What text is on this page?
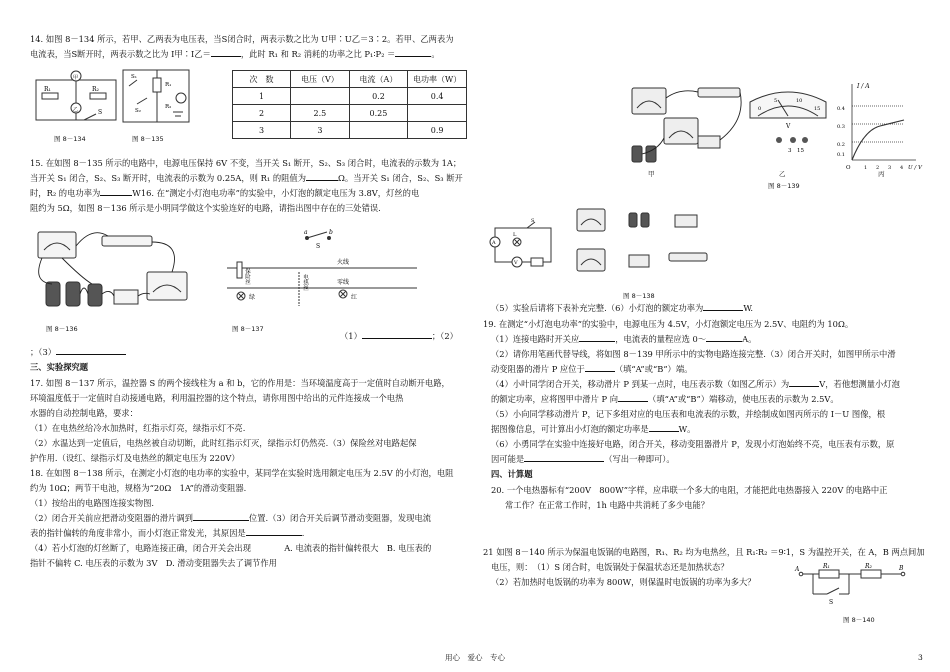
14. 如图 8－134 所示，若甲、乙两表为电压表，当S闭合时，两表示数之比为 U甲∶U乙＝3∶2。若甲、乙两表为
电流表，当S断开时，两表示数之比为 I甲∶I乙＝	，此时 R₁ 和 R₂ 消耗的功率之比 P₁∶P₂ ＝	。
甲
乙
R₁	R₂
S
图 8－134
S₁
R₁
S₂
R₂
图 8－135
次　数	电压（V）	电流（A）	电功率（W）
1		0.2	0.4
2	2.5	0.25	
3	3		0.9
15. 在如图 8－135 所示的电路中，电源电压保持 6V 不变，当开关 S₁ 断开，S₂、S₃ 闭合时，电流表的示数为 1A；
当开关 S₁ 闭合，S₂、S₃ 断开时，电流表的示数为 0.25A，则 R₁ 的阻值为	Ω。当开关 S₁ 闭合，S₂、S₃ 断开
时，R₂ 的电功率为	W16. 在“测定小灯泡电功率”的实验中，小灯泡的额定电压为 3.8V，灯丝的电
阻约为 5Ω，如图 8－136 所示是小明同学做这个实验连好的电路，请指出图中存在的三处错误.
图 8－136
a	b
S
火线
零线
保险丝
绿
电热丝
红
图 8－137
（1）	；（2）
；（3）
三、实验探究题
17. 如图 8－137 所示，温控器 S 的两个接线柱为 a 和 b，它的作用是：当环境温度高于一定值时自动断开电路，
环境温度低于一定值时自动接通电路，利用温控器的这个特点，请你用图中给出的元件连接成一个电热
水器的自动控制电路，要求：
（1）在电热丝给冷水加热时，红指示灯亮，绿指示灯不亮.
（2）水温达到一定值后，电热丝被自动切断，此时红指示灯灭，绿指示灯仍然亮.（3）保险丝对电路起保
护作用.（设红、绿指示灯及电热丝的额定电压为 220V）
18. 在如图 8－138 所示，在测定小灯泡的电功率的实验中，某同学在实验时选用额定电压为 2.5V 的小灯泡，电阻
约为 10Ω；两节干电池，规格为“20Ω　1A”的滑动变阻器.
（1）按给出的电路图连接实物图.
（2）闭合开关前应把滑动变阻器的滑片调到	位置.（3）闭合开关后调节滑动变阻器，发现电流
表的指针偏转的角度非常小，而小灯泡正常发光，其原因是	.
（4）若小灯泡的灯丝断了，电路连接正确，闭合开关会出现　　　　A. 电流表的指针偏转很大　B. 电压表的
指针不偏转 C. 电压表的示数为 3V　D. 滑动变阻器失去了调节作用
0
5	10
15
V
3　15
I / A
0.4
0.3
0.2
0.1
O	1 2 3 4 U / V
甲	乙	丙
图 8－139
A
V
L
S
图 8－138
（5）实验后请将下表补充完整.（6）小灯泡的额定功率为	W.
19. 在测定“小灯泡电功率”的实验中，电源电压为 4.5V，小灯泡额定电压为 2.5V、电阻约为 10Ω。
（1）连接电路时开关应	，电流表的量程应选 0～	A。
（2）请你用笔画代替导线，将如图 8－139 甲所示中的实物电路连接完整.（3）闭合开关时，如图甲所示中滑
动变阻器的滑片 P 应位于	（填“A”或“B”）端。
（4）小叶同学闭合开关，移动滑片 P 到某一点时，电压表示数（如图乙所示）为	V，若他想测量小灯泡
的额定功率，应将图甲中滑片 P 向	（填“A”或“B”）端移动，使电压表的示数为 2.5V。
（5）小向同学移动滑片 P，记下多组对应的电压表和电流表的示数，并绘制成如图丙所示的 I－U 图像，根
据图像信息，可计算出小灯泡的额定功率是	W。
（6）小勇同学在实验中连接好电路，闭合开关，移动变阻器滑片 P，发现小灯泡始终不亮，电压表有示数，原
因可能是	（写出一种即可）。
四、计算题
20. 一个电热器标有“200V　800W”字样，应串联一个多大的电阻，才能把此电热器接入 220V 的电路中正
常工作？在正常工作时，1h 电路中共消耗了多少电能？
21 如图 8－140 所示为保温电饭锅的电路图，R₁、R₂ 均为电热丝，且 R₁∶R₂ ＝9∶1，S 为温控开关，在 A，B 两点间加
电压，则：　（1）S 闭合时，电饭锅处于保温状态还是加热状态？
（2）若加热时电饭锅的功率为 800W，则保温时电饭锅的功率为多大？
A	B
R₁	R₂
S
图 8－140
用心　爱心　专心	3
